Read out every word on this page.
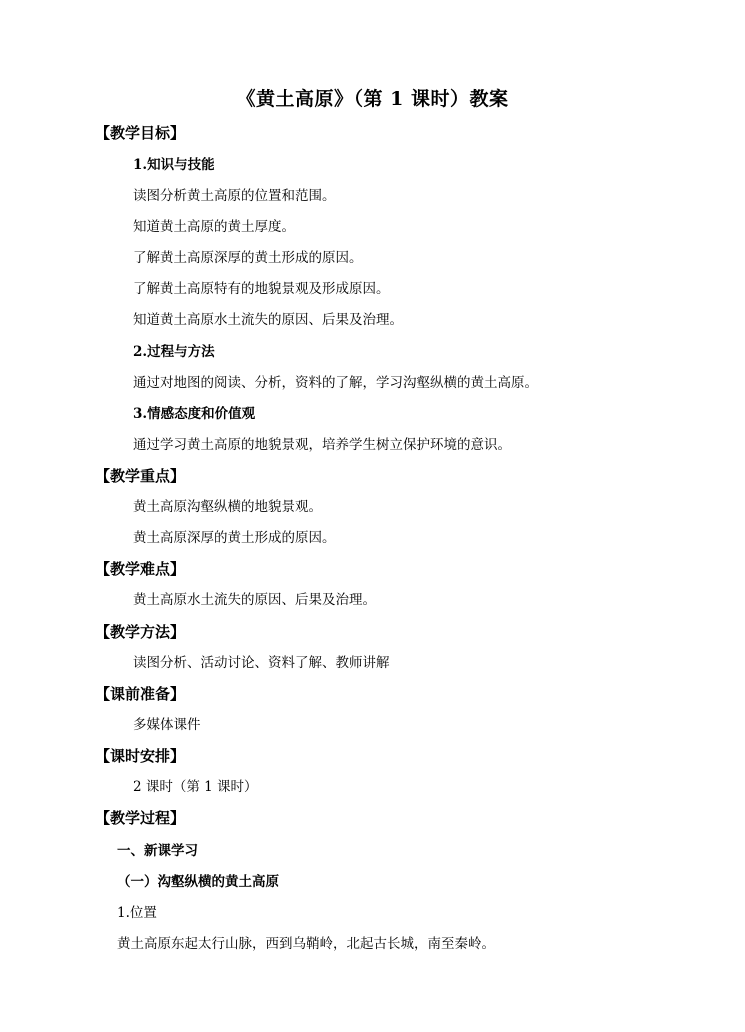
《黄土高原》（第 1 课时）教案
【教学目标】
1.知识与技能
读图分析黄土高原的位置和范围。
知道黄土高原的黄土厚度。
了解黄土高原深厚的黄土形成的原因。
了解黄土高原特有的地貌景观及形成原因。
知道黄土高原水土流失的原因、后果及治理。
2.过程与方法
通过对地图的阅读、分析，资料的了解，学习沟壑纵横的黄土高原。
3.情感态度和价值观
通过学习黄土高原的地貌景观，培养学生树立保护环境的意识。
【教学重点】
黄土高原沟壑纵横的地貌景观。
黄土高原深厚的黄土形成的原因。
【教学难点】
黄土高原水土流失的原因、后果及治理。
【教学方法】
读图分析、活动讨论、资料了解、教师讲解
【课前准备】
多媒体课件
【课时安排】
2 课时（第 1 课时）
【教学过程】
一、新课学习
（一）沟壑纵横的黄土高原
1.位置
黄土高原东起太行山脉，西到乌鞘岭，北起古长城，南至秦岭。
